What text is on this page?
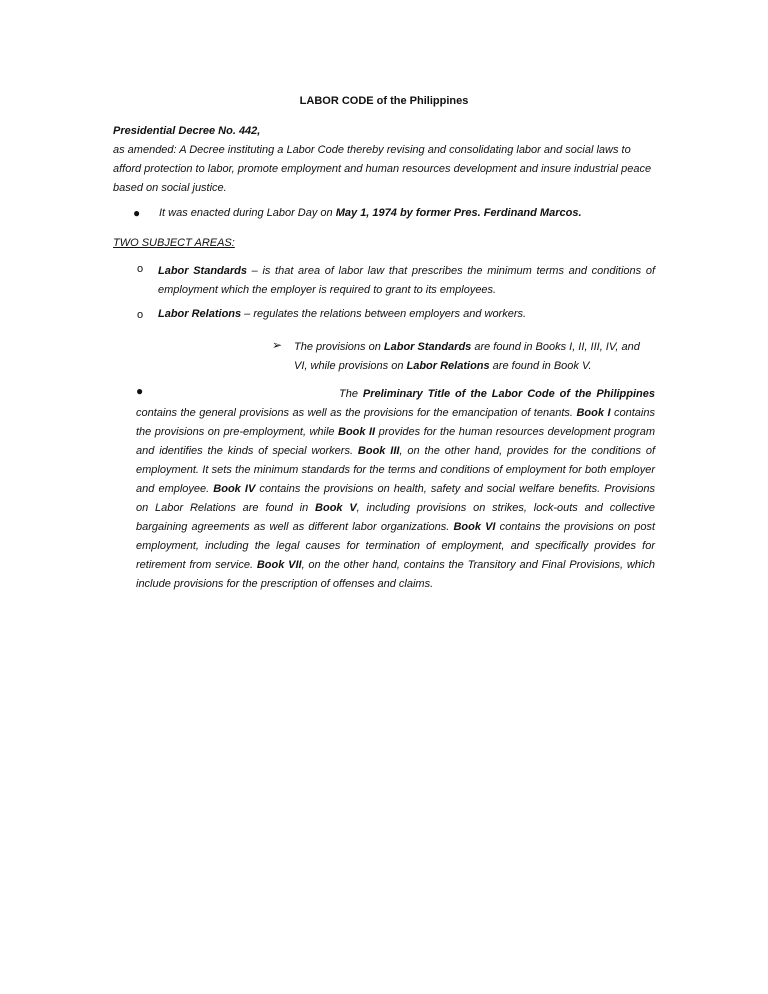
LABOR CODE of the Philippines
Presidential Decree No. 442,

as amended: A Decree instituting a Labor Code thereby revising and consolidating labor and social laws to afford protection to labor, promote employment and human resources development and insure industrial peace based on social justice.

● It was enacted during Labor Day on May 1, 1974 by former Pres. Ferdinand Marcos.
TWO SUBJECT AREAS:
o Labor Standards – is that area of labor law that prescribes the minimum terms and conditions of employment which the employer is required to grant to its employees.

o Labor Relations – regulates the relations between employers and workers.
➢ The provisions on Labor Standards are found in Books I, II, III, IV, and VI, while provisions on Labor Relations are found in Book V.

●	The Preliminary Title of the Labor Code of the Philippines contains the general provisions as well as the provisions for the emancipation of tenants. Book I contains the provisions on pre-employment, while Book II provides for the human resources development program and identifies the kinds of special workers. Book III, on the other hand, provides for the conditions of employment. It sets the minimum standards for the terms and conditions of employment for both employer and employee. Book IV contains the provisions on health, safety and social welfare benefits. Provisions on Labor Relations are found in Book V, including provisions on strikes, lock-outs and collective bargaining agreements as well as different labor organizations. Book VI contains the provisions on post employment, including the legal causes for termination of employment, and specifically provides for retirement from service. Book VII, on the other hand, contains the Transitory and Final Provisions, which include provisions for the prescription of offenses and claims.
